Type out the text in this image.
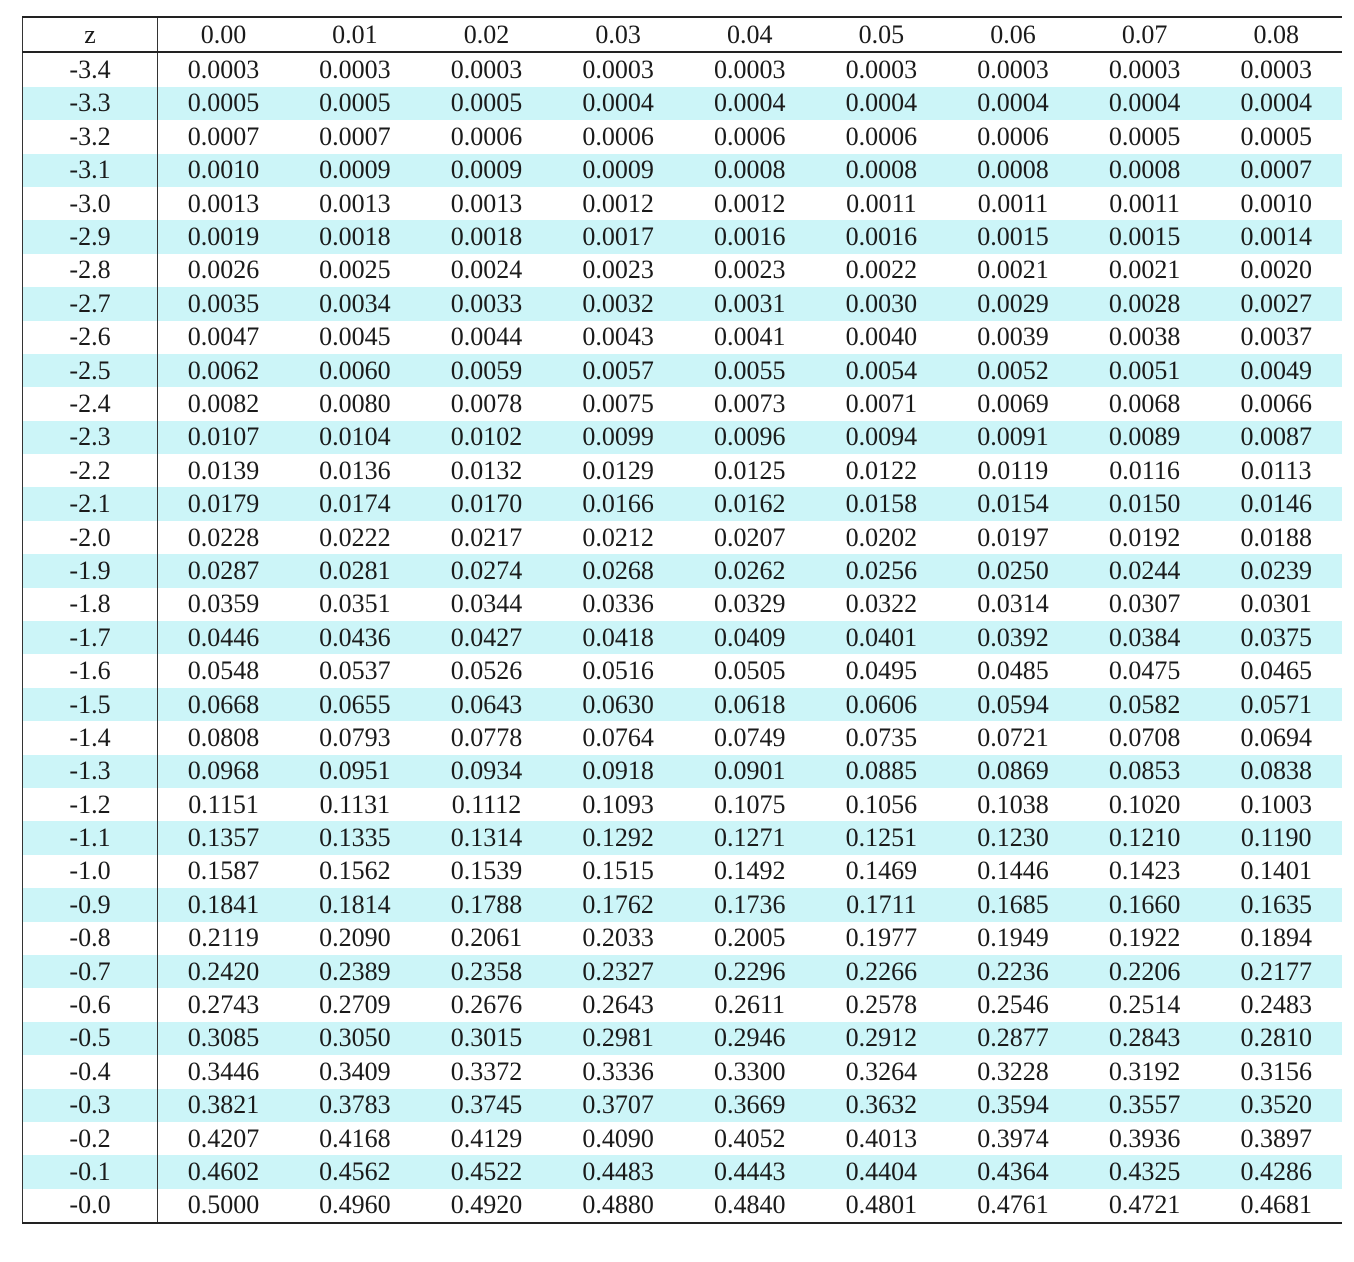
z	0.00	0.01	0.02	0.03	0.04	0.05	0.06	0.07	0.08
-3.4	0.0003	0.0003	0.0003	0.0003	0.0003	0.0003	0.0003	0.0003	0.0003
-3.3	0.0005	0.0005	0.0005	0.0004	0.0004	0.0004	0.0004	0.0004	0.0004
-3.2	0.0007	0.0007	0.0006	0.0006	0.0006	0.0006	0.0006	0.0005	0.0005
-3.1	0.0010	0.0009	0.0009	0.0009	0.0008	0.0008	0.0008	0.0008	0.0007
-3.0	0.0013	0.0013	0.0013	0.0012	0.0012	0.0011	0.0011	0.0011	0.0010
-2.9	0.0019	0.0018	0.0018	0.0017	0.0016	0.0016	0.0015	0.0015	0.0014
-2.8	0.0026	0.0025	0.0024	0.0023	0.0023	0.0022	0.0021	0.0021	0.0020
-2.7	0.0035	0.0034	0.0033	0.0032	0.0031	0.0030	0.0029	0.0028	0.0027
-2.6	0.0047	0.0045	0.0044	0.0043	0.0041	0.0040	0.0039	0.0038	0.0037
-2.5	0.0062	0.0060	0.0059	0.0057	0.0055	0.0054	0.0052	0.0051	0.0049
-2.4	0.0082	0.0080	0.0078	0.0075	0.0073	0.0071	0.0069	0.0068	0.0066
-2.3	0.0107	0.0104	0.0102	0.0099	0.0096	0.0094	0.0091	0.0089	0.0087
-2.2	0.0139	0.0136	0.0132	0.0129	0.0125	0.0122	0.0119	0.0116	0.0113
-2.1	0.0179	0.0174	0.0170	0.0166	0.0162	0.0158	0.0154	0.0150	0.0146
-2.0	0.0228	0.0222	0.0217	0.0212	0.0207	0.0202	0.0197	0.0192	0.0188
-1.9	0.0287	0.0281	0.0274	0.0268	0.0262	0.0256	0.0250	0.0244	0.0239
-1.8	0.0359	0.0351	0.0344	0.0336	0.0329	0.0322	0.0314	0.0307	0.0301
-1.7	0.0446	0.0436	0.0427	0.0418	0.0409	0.0401	0.0392	0.0384	0.0375
-1.6	0.0548	0.0537	0.0526	0.0516	0.0505	0.0495	0.0485	0.0475	0.0465
-1.5	0.0668	0.0655	0.0643	0.0630	0.0618	0.0606	0.0594	0.0582	0.0571
-1.4	0.0808	0.0793	0.0778	0.0764	0.0749	0.0735	0.0721	0.0708	0.0694
-1.3	0.0968	0.0951	0.0934	0.0918	0.0901	0.0885	0.0869	0.0853	0.0838
-1.2	0.1151	0.1131	0.1112	0.1093	0.1075	0.1056	0.1038	0.1020	0.1003
-1.1	0.1357	0.1335	0.1314	0.1292	0.1271	0.1251	0.1230	0.1210	0.1190
-1.0	0.1587	0.1562	0.1539	0.1515	0.1492	0.1469	0.1446	0.1423	0.1401
-0.9	0.1841	0.1814	0.1788	0.1762	0.1736	0.1711	0.1685	0.1660	0.1635
-0.8	0.2119	0.2090	0.2061	0.2033	0.2005	0.1977	0.1949	0.1922	0.1894
-0.7	0.2420	0.2389	0.2358	0.2327	0.2296	0.2266	0.2236	0.2206	0.2177
-0.6	0.2743	0.2709	0.2676	0.2643	0.2611	0.2578	0.2546	0.2514	0.2483
-0.5	0.3085	0.3050	0.3015	0.2981	0.2946	0.2912	0.2877	0.2843	0.2810
-0.4	0.3446	0.3409	0.3372	0.3336	0.3300	0.3264	0.3228	0.3192	0.3156
-0.3	0.3821	0.3783	0.3745	0.3707	0.3669	0.3632	0.3594	0.3557	0.3520
-0.2	0.4207	0.4168	0.4129	0.4090	0.4052	0.4013	0.3974	0.3936	0.3897
-0.1	0.4602	0.4562	0.4522	0.4483	0.4443	0.4404	0.4364	0.4325	0.4286
-0.0	0.5000	0.4960	0.4920	0.4880	0.4840	0.4801	0.4761	0.4721	0.4681
